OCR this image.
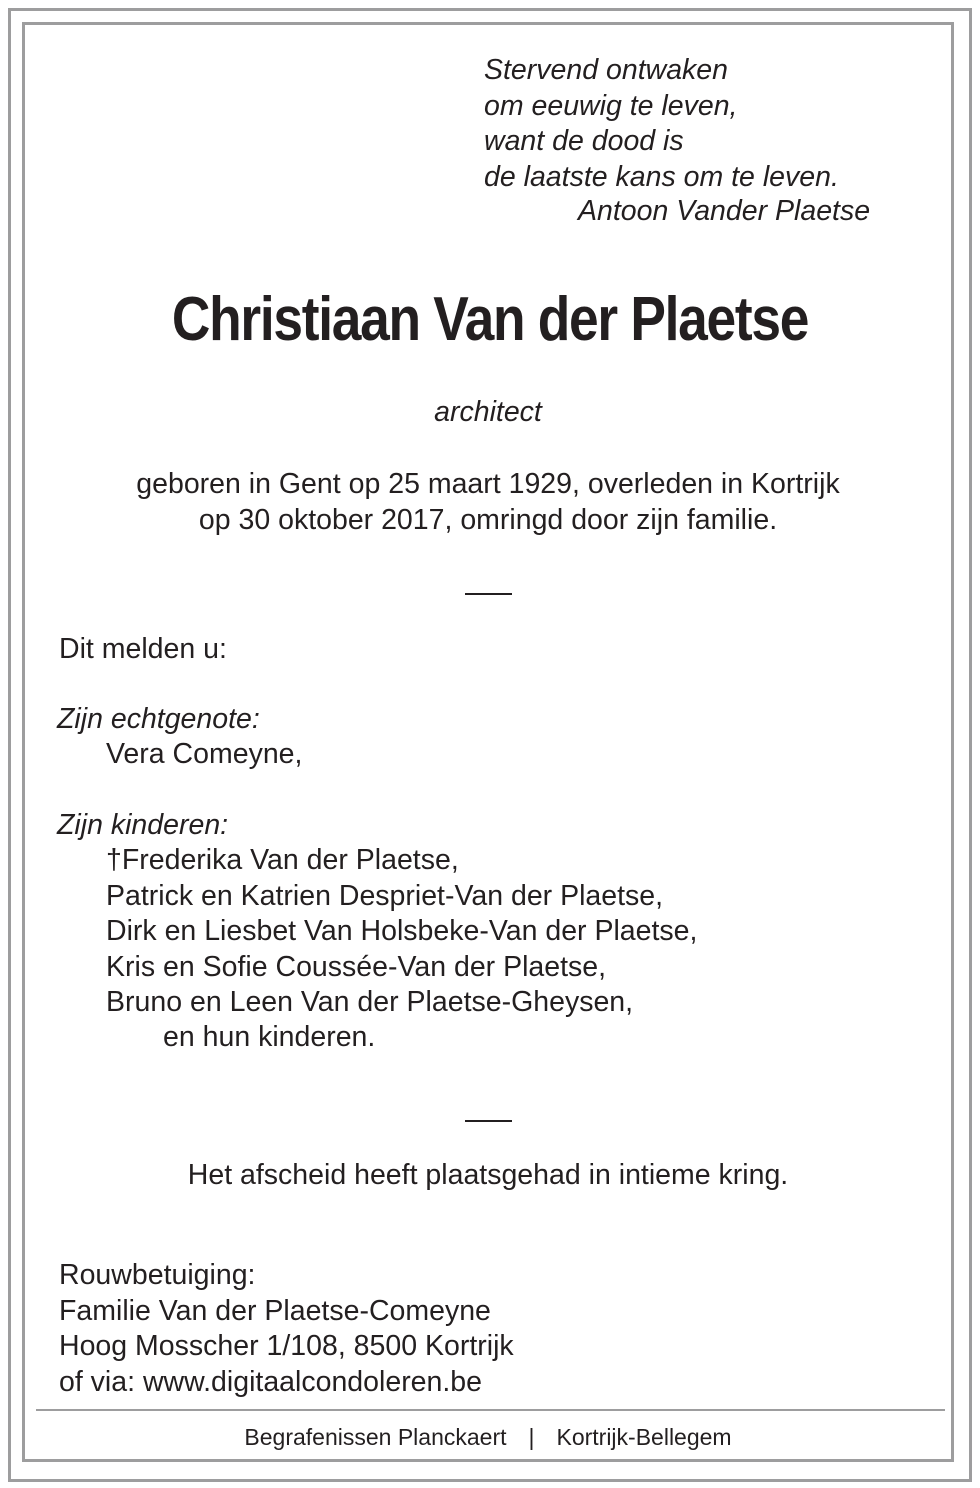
Stervend ontwaken
om eeuwig te leven,
want de dood is
de laatste kans om te leven.
Antoon Vander Plaetse
Christiaan Van der Plaetse
architect
geboren in Gent op 25 maart 1929, overleden in Kortrijk
op 30 oktober 2017, omringd door zijn familie.
Dit melden u:
Zijn echtgenote:
Vera Comeyne,
Zijn kinderen:
†Frederika Van der Plaetse,
Patrick en Katrien Despriet-Van der Plaetse,
Dirk en Liesbet Van Holsbeke-Van der Plaetse,
Kris en Sofie Coussée-Van der Plaetse,
Bruno en Leen Van der Plaetse-Gheysen,
en hun kinderen.
Het afscheid heeft plaatsgehad in intieme kring.
Rouwbetuiging:
Familie Van der Plaetse-Comeyne
Hoog Mosscher 1/108, 8500 Kortrijk
of via: www.digitaalcondoleren.be
Begrafenissen Planckaert | Kortrijk-Bellegem
